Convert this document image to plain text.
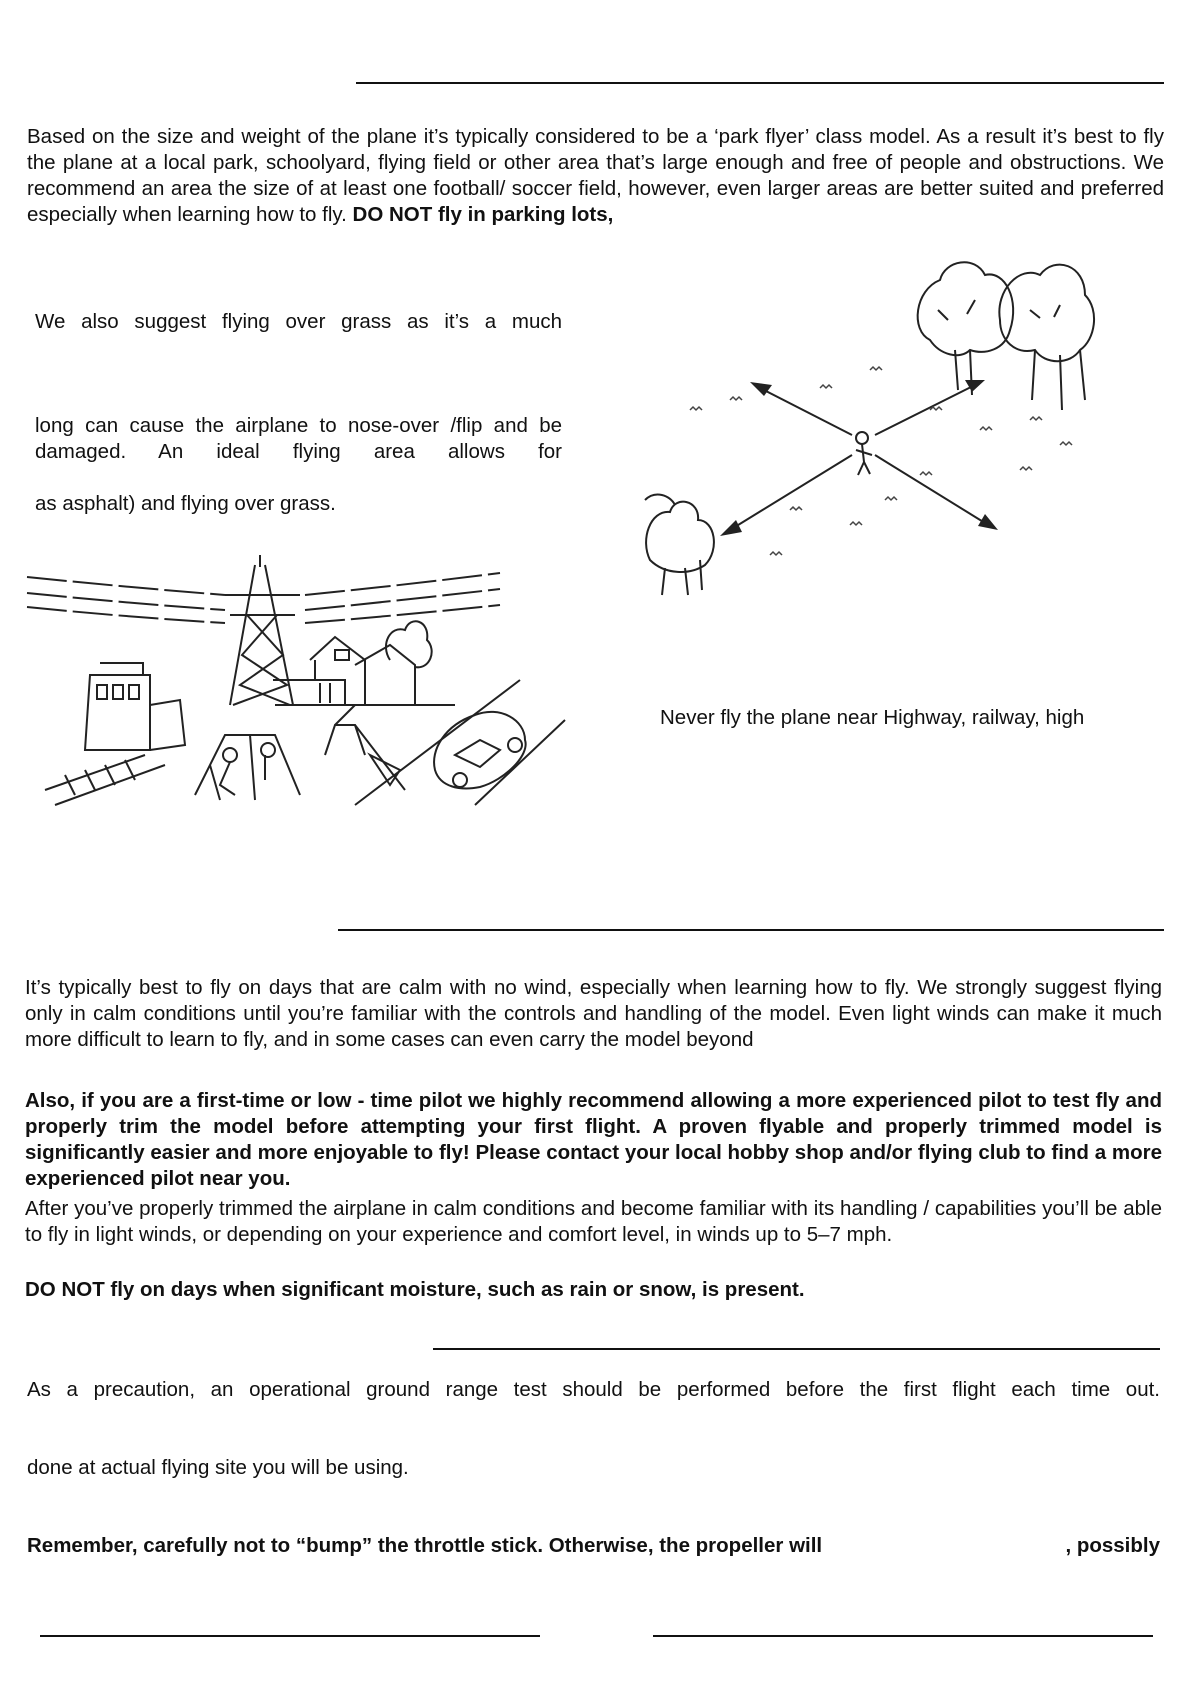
Based on the size and weight of the plane it’s typically considered to be a ‘park flyer’ class model. As a result it’s best to fly the plane at a local park, schoolyard, flying field or other area that’s large enough and free of people and obstructions. We recommend an area the size of at least one football/ soccer field, however, even larger areas are better suited and preferred especially when learning how to fly. DO NOT fly in parking lots,

We also suggest flying over grass as it’s a much

long can cause the airplane to nose-over /flip and be damaged. An ideal flying area allows for

as asphalt) and flying over grass.

Never fly the plane near Highway, railway, high

It’s typically best to fly on days that are calm with no wind, especially when learning how to fly. We strongly suggest flying only in calm conditions until you’re familiar with the controls and handling of the model. Even light winds can make it much more difficult to learn to fly, and in some cases can even carry the model beyond

Also, if you are a first-time or low - time pilot we highly recommend allowing a more experienced pilot to test fly and properly trim the model before attempting your first flight. A proven flyable and properly trimmed model is significantly easier and more enjoyable to fly! Please contact your local hobby shop and/or flying club to find a more experienced pilot near you.

After you’ve properly trimmed the airplane in calm conditions and become familiar with its handling / capabilities you’ll be able to fly in light winds, or depending on your experience and comfort level, in winds up to 5–7 mph.

DO NOT fly on days when significant moisture, such as rain or snow, is present.

As a precaution, an operational ground range test should be performed before the first flight each time out.

done at actual flying site you will be using.

Remember, carefully not to “bump” the throttle stick. Otherwise, the propeller will	, possibly
